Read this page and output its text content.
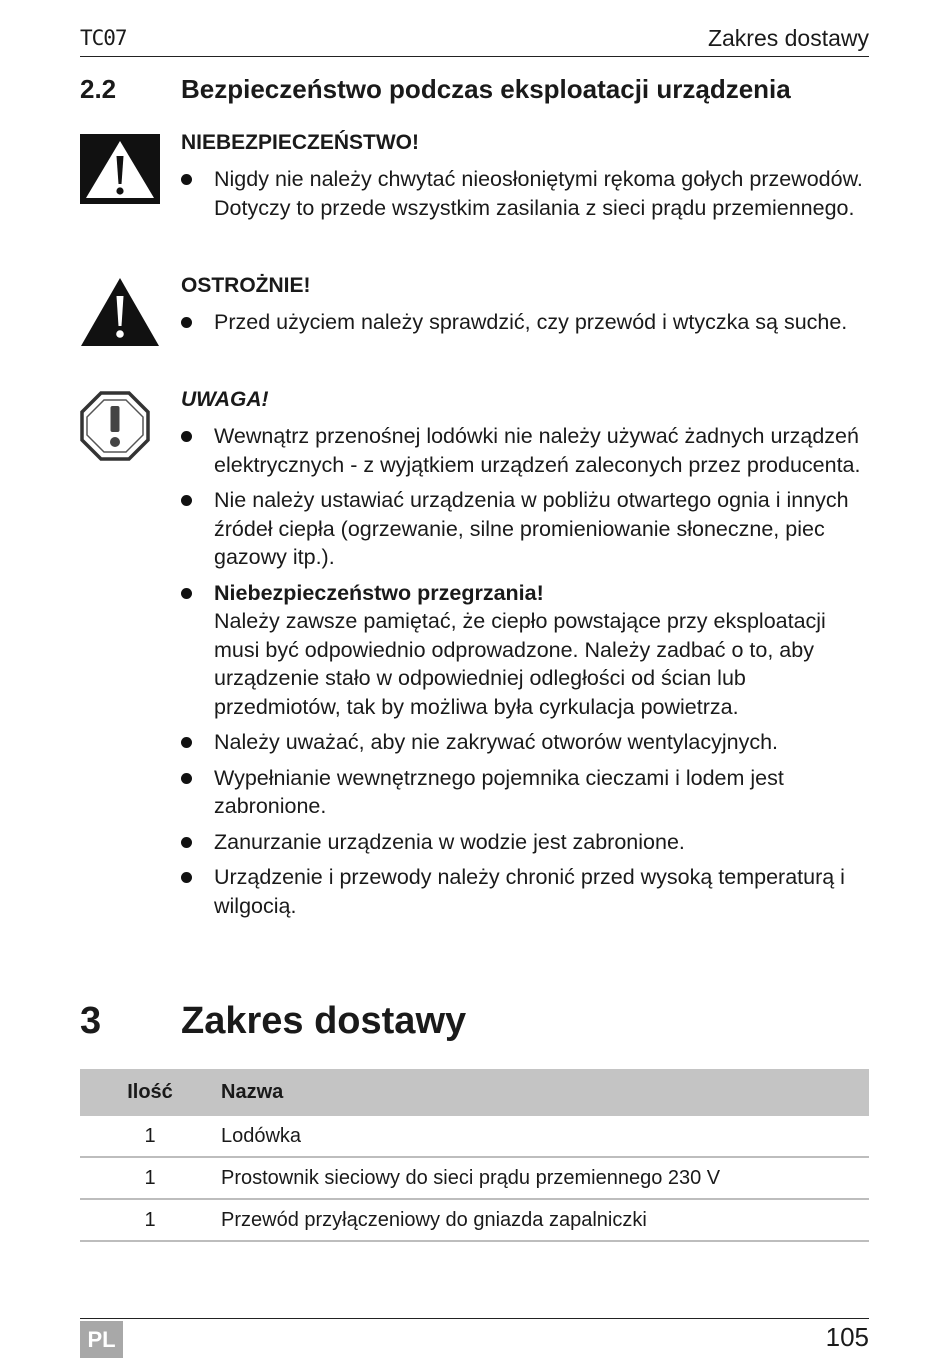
TC07	Zakres dostawy
2.2 Bezpieczeństwo podczas eksploatacji urządzenia
NIEBEZPIECZEŃSTWO!
Nigdy nie należy chwytać nieosłoniętymi rękoma gołych przewodów. Dotyczy to przede wszystkim zasilania z sieci prądu przemiennego.
OSTROŻNIE!
Przed użyciem należy sprawdzić, czy przewód i wtyczka są suche.
UWAGA!
Wewnątrz przenośnej lodówki nie należy używać żadnych urządzeń elektrycznych - z wyjątkiem urządzeń zaleconych przez producenta.
Nie należy ustawiać urządzenia w pobliżu otwartego ognia i innych źródeł ciepła (ogrzewanie, silne promieniowanie słoneczne, piec gazowy itp.).
Niebezpieczeństwo przegrzania!
Należy zawsze pamiętać, że ciepło powstające przy eksploatacji musi być odpowiednio odprowadzone. Należy zadbać o to, aby urządzenie stało w odpowiedniej odległości od ścian lub przedmiotów, tak by możliwa była cyrkulacja powietrza.
Należy uważać, aby nie zakrywać otworów wentylacyjnych.
Wypełnianie wewnętrznego pojemnika cieczami i lodem jest zabronione.
Zanurzanie urządzenia w wodzie jest zabronione.
Urządzenie i przewody należy chronić przed wysoką temperaturą i wilgocią.
3 Zakres dostawy
Ilość	Nazwa
1	Lodówka
1	Prostownik sieciowy do sieci prądu przemiennego 230 V
1	Przewód przyłączeniowy do gniazda zapalniczki
PL	105
